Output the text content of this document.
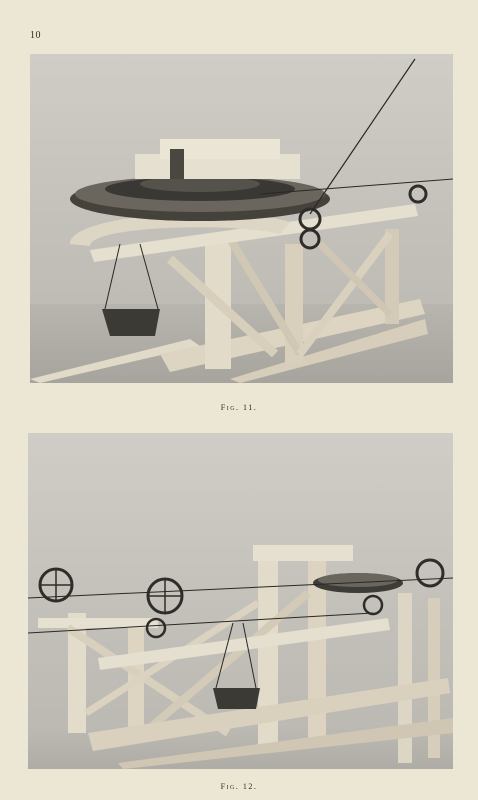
10
Fig. 11.
Fig. 12.
